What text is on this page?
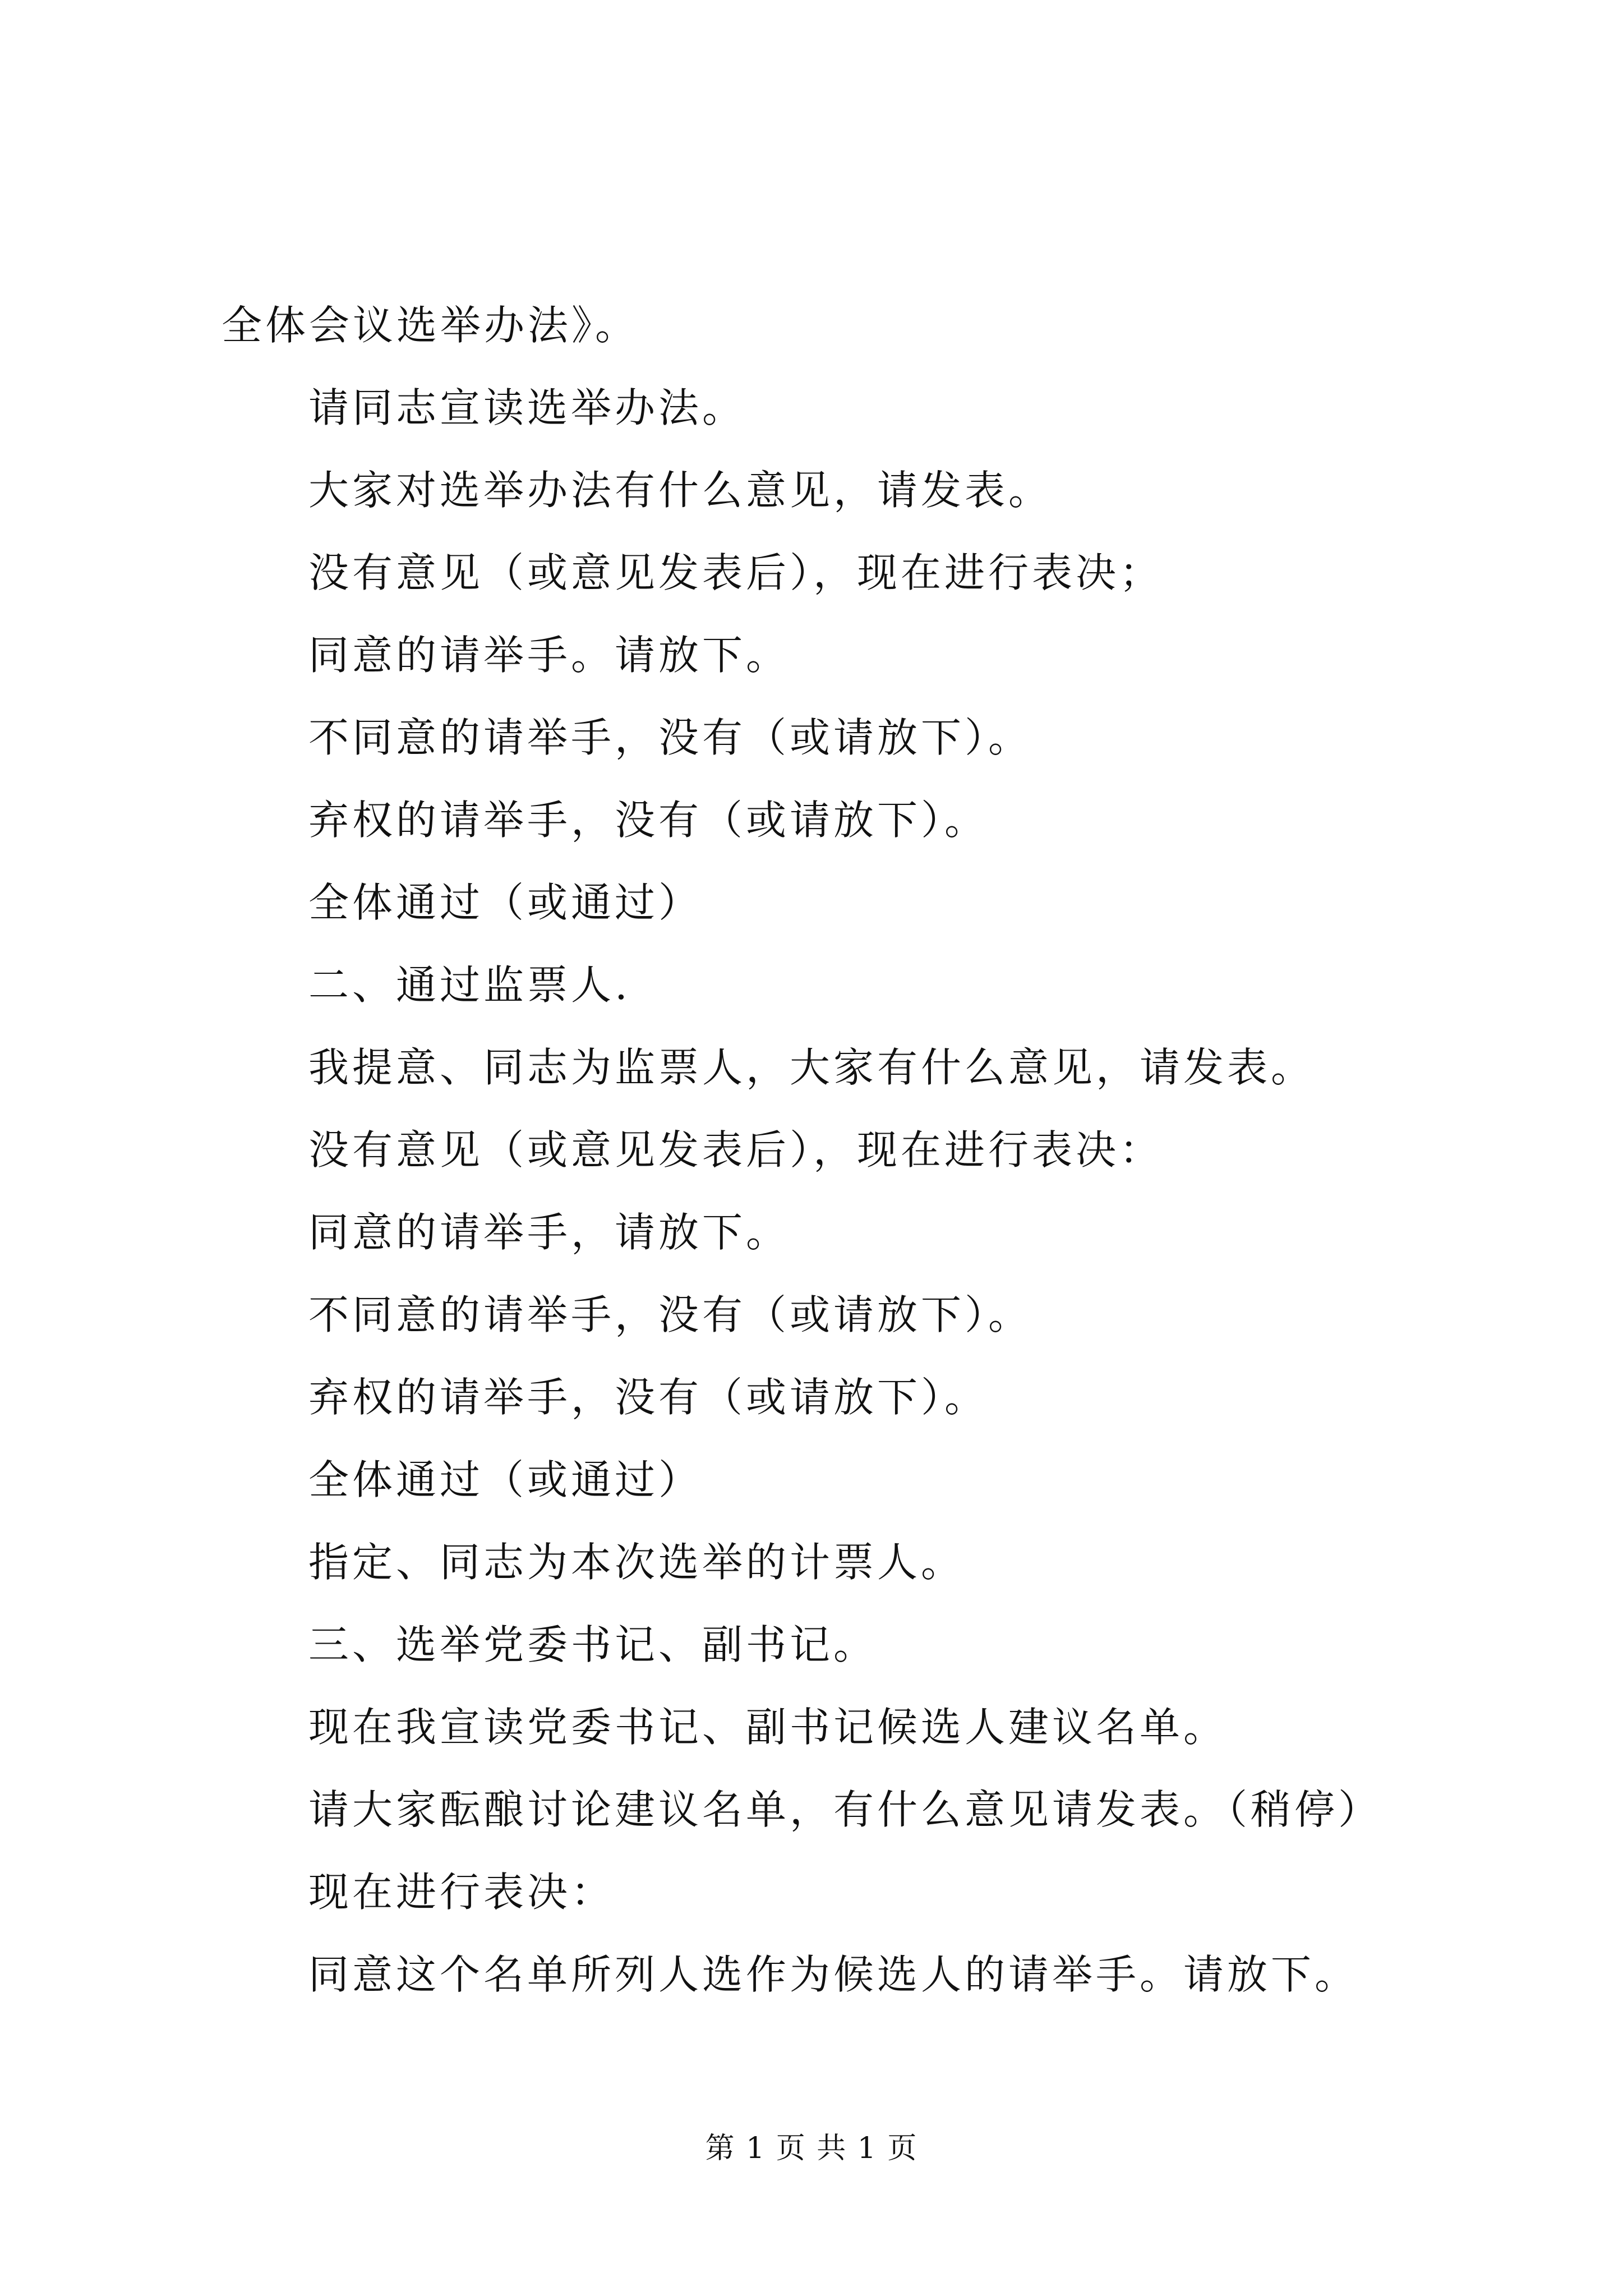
全体会议选举办法》。
请同志宣读选举办法。
大家对选举办法有什么意见，请发表。
没有意见（或意见发表后），现在进行表决；
同意的请举手。请放下。
不同意的请举手，没有（或请放下）。
弃权的请举手，没有（或请放下）。
全体通过（或通过）
二、通过监票人.
我提意、同志为监票人，大家有什么意见，请发表。
没有意见（或意见发表后），现在进行表决：
同意的请举手，请放下。
不同意的请举手，没有（或请放下）。
弃权的请举手，没有（或请放下）。
全体通过（或通过）
指定、同志为本次选举的计票人。
三、选举党委书记、副书记。
现在我宣读党委书记、副书记候选人建议名单。
请大家酝酿讨论建议名单，有什么意见请发表。（稍停）
现在进行表决：
同意这个名单所列人选作为候选人的请举手。请放下。
第 1 页 共 1 页
